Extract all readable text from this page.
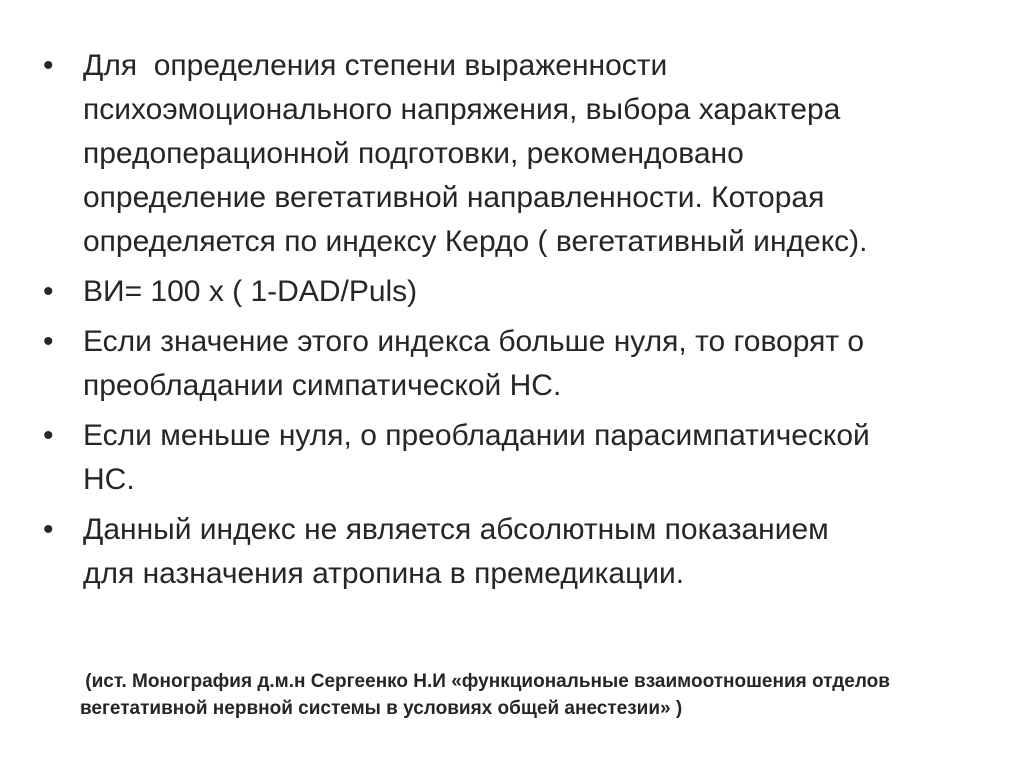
• Для  определения степени выраженности
психоэмоционального напряжения, выбора характера
предоперационной подготовки, рекомендовано
определение вегетативной направленности. Которая
определяется по индексу Кердо ( вегетативный индекс).
• ВИ= 100 х ( 1-DAD/Puls)
• Если значение этого индекса больше нуля, то говорят о
преобладании симпатической НС.
• Если меньше нуля, о преобладании парасимпатической
НС.
• Данный индекс не является абсолютным показанием
для назначения атропина в премедикации.
(ист. Монография д.м.н Сергеенко Н.И «функциональные взаимоотношения отделов
вегетативной нервной системы в условиях общей анестезии» )
